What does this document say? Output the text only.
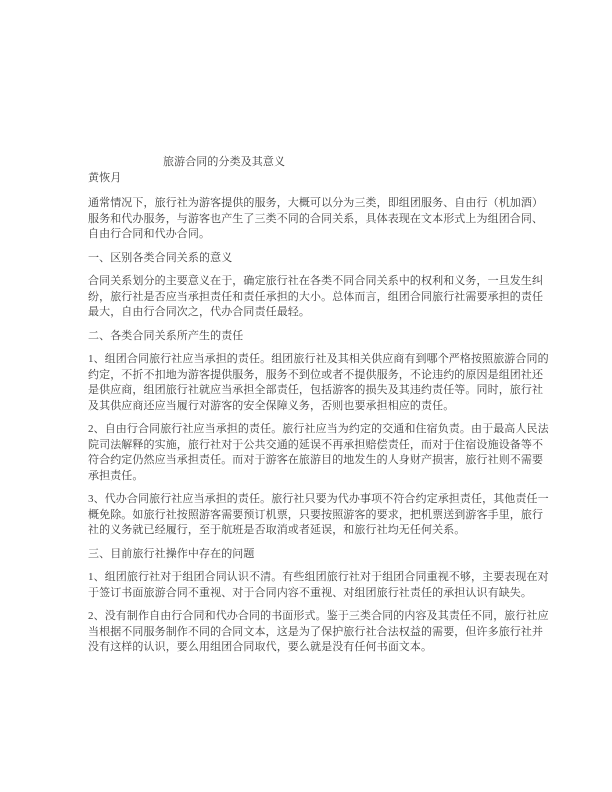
旅游合同的分类及其意义
黄恢月
通常情况下，旅行社为游客提供的服务，大概可以分为三类，即组团服务、自由行（机加酒）
服务和代办服务，与游客也产生了三类不同的合同关系，具体表现在文本形式上为组团合同、
自由行合同和代办合同。
一、区别各类合同关系的意义
合同关系划分的主要意义在于，确定旅行社在各类不同合同关系中的权利和义务，一旦发生纠
纷，旅行社是否应当承担责任和责任承担的大小。总体而言，组团合同旅行社需要承担的责任
最大，自由行合同次之，代办合同责任最轻。
二、各类合同关系所产生的责任
1、组团合同旅行社应当承担的责任。组团旅行社及其相关供应商有到哪个严格按照旅游合同的
约定，不折不扣地为游客提供服务，服务不到位或者不提供服务，不论违约的原因是组团社还
是供应商，组团旅行社就应当承担全部责任，包括游客的损失及其违约责任等。同时，旅行社
及其供应商还应当履行对游客的安全保障义务，否则也要承担相应的责任。
2、自由行合同旅行社应当承担的责任。旅行社应当为约定的交通和住宿负责。由于最高人民法
院司法解释的实施，旅行社对于公共交通的延误不再承担赔偿责任，而对于住宿设施设备等不
符合约定仍然应当承担责任。而对于游客在旅游目的地发生的人身财产损害，旅行社则不需要
承担责任。
3、代办合同旅行社应当承担的责任。旅行社只要为代办事项不符合约定承担责任，其他责任一
概免除。如旅行社按照游客需要预订机票，只要按照游客的要求，把机票送到游客手里，旅行
社的义务就已经履行，至于航班是否取消或者延误，和旅行社均无任何关系。
三、目前旅行社操作中存在的问题
1、组团旅行社对于组团合同认识不清。有些组团旅行社对于组团合同重视不够，主要表现在对
于签订书面旅游合同不重视、对于合同内容不重视、对组团旅行社责任的承担认识有缺失。
2、没有制作自由行合同和代办合同的书面形式。鉴于三类合同的内容及其责任不同，旅行社应
当根据不同服务制作不同的合同文本，这是为了保护旅行社合法权益的需要，但许多旅行社并
没有这样的认识，要么用组团合同取代，要么就是没有任何书面文本。
